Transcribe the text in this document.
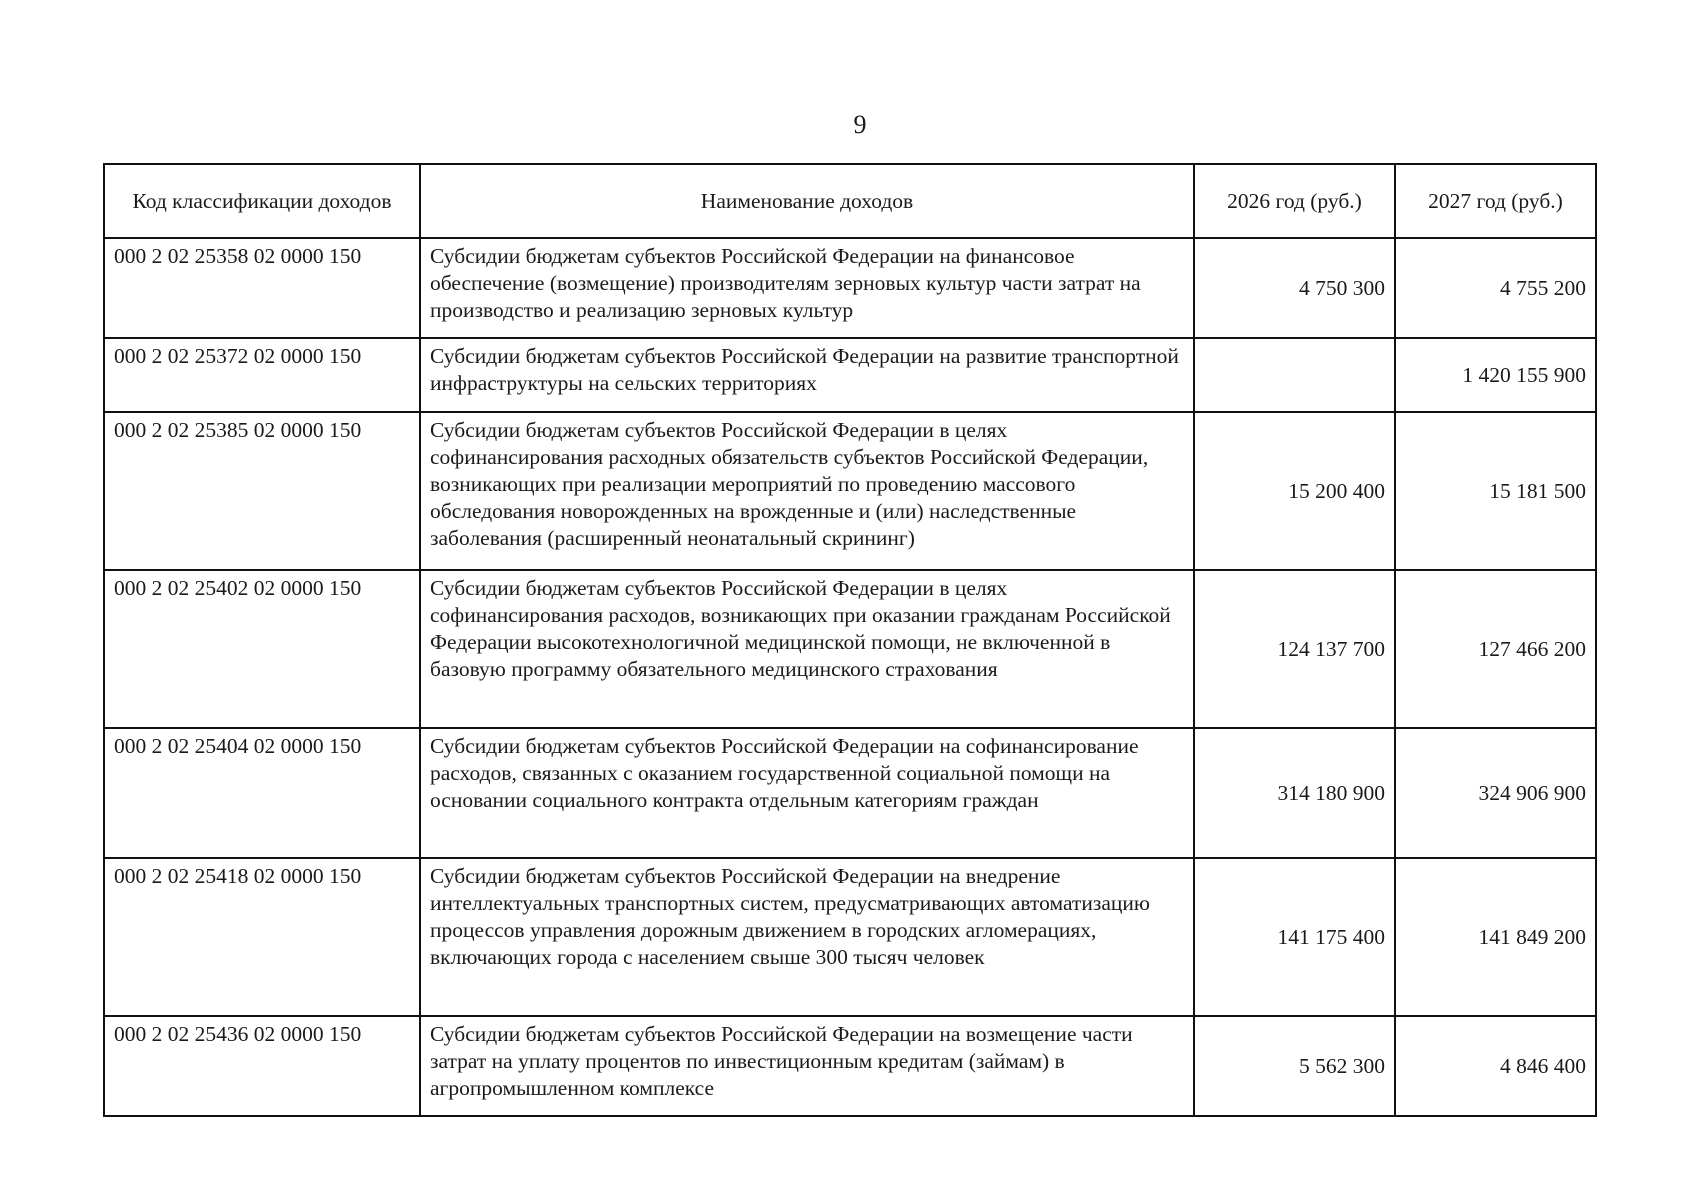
9
Код классификации доходов	Наименование доходов	2026 год (руб.)	2027 год (руб.)
000 2 02 25358 02 0000 150	Субсидии бюджетам субъектов Российской Федерации на финансовое обеспечение (возмещение) производителям зерновых культур части затрат на производство и реализацию зерновых культур	4 750 300	4 755 200
000 2 02 25372 02 0000 150	Субсидии бюджетам субъектов Российской Федерации на развитие транспортной инфраструктуры на сельских территориях		1 420 155 900
000 2 02 25385 02 0000 150	Субсидии бюджетам субъектов Российской Федерации в целях софинансирования расходных обязательств субъектов Российской Федерации, возникающих при реализации мероприятий по проведению массового обследования новорожденных на врожденные и (или) наследственные заболевания (расширенный неонатальный скрининг)	15 200 400	15 181 500
000 2 02 25402 02 0000 150	Субсидии бюджетам субъектов Российской Федерации в целях софинансирования расходов, возникающих при оказании гражданам Российской Федерации высокотехнологичной медицинской помощи, не включенной в базовую программу обязательного медицинского страхования	124 137 700	127 466 200
000 2 02 25404 02 0000 150	Субсидии бюджетам субъектов Российской Федерации на софинансирование расходов, связанных с оказанием государственной социальной помощи на основании социального контракта отдельным категориям граждан	314 180 900	324 906 900
000 2 02 25418 02 0000 150	Субсидии бюджетам субъектов Российской Федерации на внедрение интеллектуальных транспортных систем, предусматривающих автоматизацию процессов управления дорожным движением в городских агломерациях, включающих города с населением свыше 300 тысяч человек	141 175 400	141 849 200
000 2 02 25436 02 0000 150	Субсидии бюджетам субъектов Российской Федерации на возмещение части затрат на уплату процентов по инвестиционным кредитам (займам) в агропромышленном комплексе	5 562 300	4 846 400
